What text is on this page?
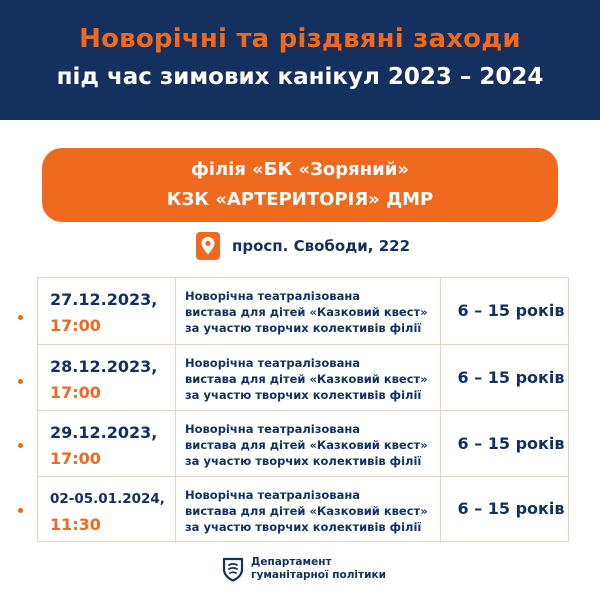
Новорічні та різдвяні заходи
під час зимових канікул 2023 – 2024
філія «БК «Зоряний»
КЗК «АРТЕРИТОРІЯ» ДМР
просп. Свободи, 222
27.12.2023,
17:00
Новорічна театралізована
вистава для дітей «Казковий квест»
за участю творчих колективів філії
6 – 15 років
28.12.2023,
17:00
Новорічна театралізована
вистава для дітей «Казковий квест»
за участю творчих колективів філії
6 – 15 років
29.12.2023,
17:00
Новорічна театралізована
вистава для дітей «Казковий квест»
за участю творчих колективів філії
6 – 15 років
02-05.01.2024,
11:30
Новорічна театралізована
вистава для дітей «Казковий квест»
за участю творчих колективів філії
6 – 15 років
Департамент
гуманітарної політики
